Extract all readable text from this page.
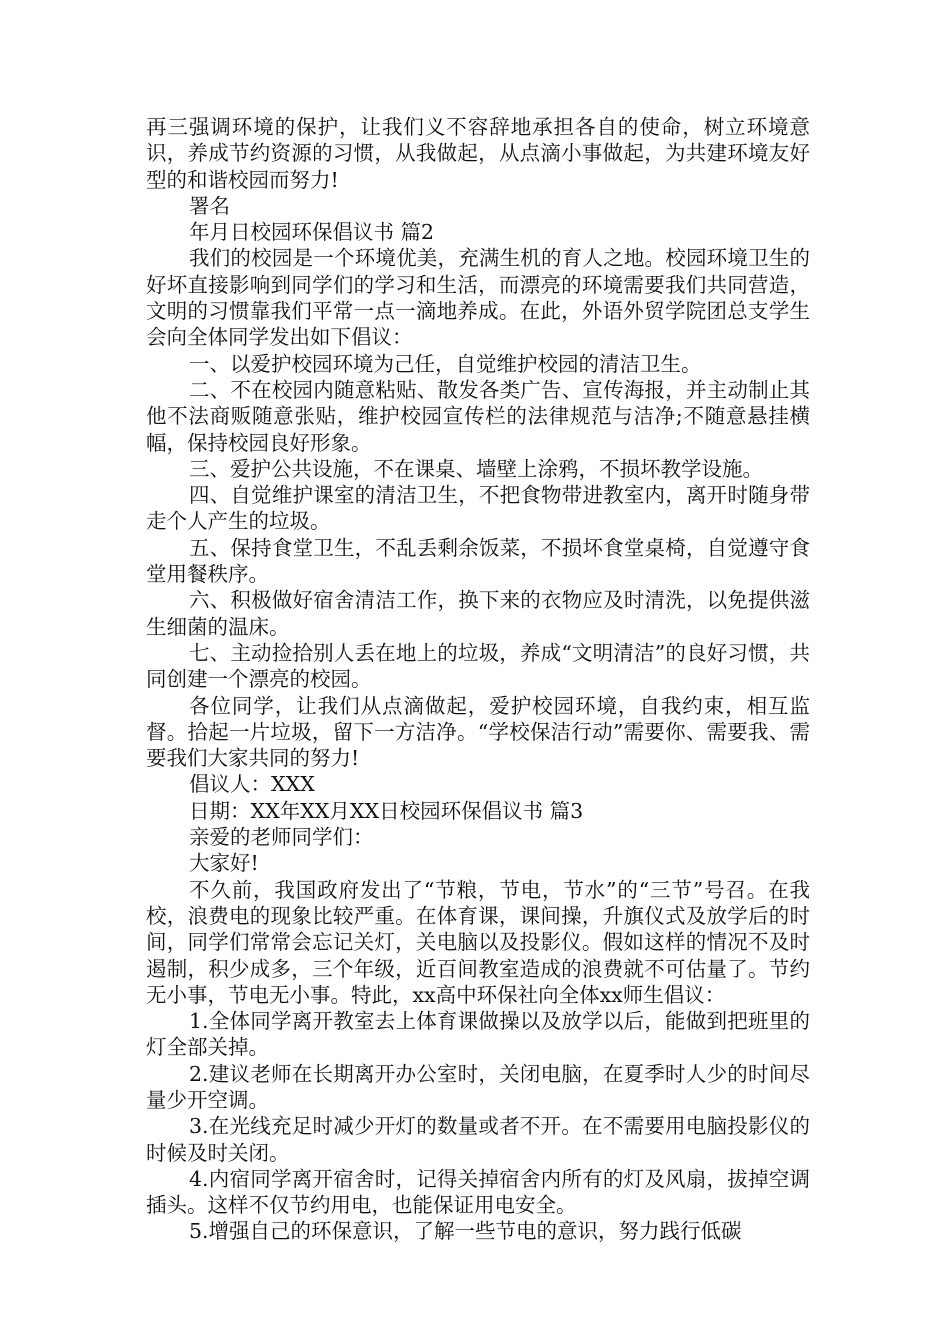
再三强调环境的保护，让我们义不容辞地承担各自的使命，树立环境意识，养成节约资源的习惯，从我做起，从点滴小事做起，为共建环境友好型的和谐校园而努力!

署名

年月日校园环保倡议书 篇2

我们的校园是一个环境优美，充满生机的育人之地。校园环境卫生的好坏直接影响到同学们的学习和生活，而漂亮的环境需要我们共同营造，文明的习惯靠我们平常一点一滴地养成。在此，外语外贸学院团总支学生会向全体同学发出如下倡议：

一、以爱护校园环境为己任，自觉维护校园的清洁卫生。

二、不在校园内随意粘贴、散发各类广告、宣传海报，并主动制止其他不法商贩随意张贴，维护校园宣传栏的法律规范与洁净;不随意悬挂横幅，保持校园良好形象。

三、爱护公共设施，不在课桌、墙壁上涂鸦，不损坏教学设施。

四、自觉维护课室的清洁卫生，不把食物带进教室内，离开时随身带走个人产生的垃圾。

五、保持食堂卫生，不乱丢剩余饭菜，不损坏食堂桌椅，自觉遵守食堂用餐秩序。

六、积极做好宿舍清洁工作，换下来的衣物应及时清洗，以免提供滋生细菌的温床。

七、主动捡拾别人丢在地上的垃圾，养成“文明清洁”的良好习惯，共同创建一个漂亮的校园。

各位同学，让我们从点滴做起，爱护校园环境，自我约束，相互监督。拾起一片垃圾，留下一方洁净。“学校保洁行动”需要你、需要我、需要我们大家共同的努力!

倡议人：XXX

日期：XX年XX月XX日校园环保倡议书 篇3

亲爱的老师同学们：

大家好!

不久前，我国政府发出了“节粮，节电，节水”的“三节”号召。在我校，浪费电的现象比较严重。在体育课，课间操，升旗仪式及放学后的时间，同学们常常会忘记关灯，关电脑以及投影仪。假如这样的情况不及时遏制，积少成多，三个年级，近百间教室造成的浪费就不可估量了。节约无小事，节电无小事。特此，xx高中环保社向全体xx师生倡议：

1.全体同学离开教室去上体育课做操以及放学以后，能做到把班里的灯全部关掉。

2.建议老师在长期离开办公室时，关闭电脑，在夏季时人少的时间尽量少开空调。

3.在光线充足时减少开灯的数量或者不开。在不需要用电脑投影仪的时候及时关闭。

4.内宿同学离开宿舍时，记得关掉宿舍内所有的灯及风扇，拔掉空调插头。这样不仅节约用电，也能保证用电安全。

5.增强自己的环保意识，了解一些节电的意识，努力践行低碳
